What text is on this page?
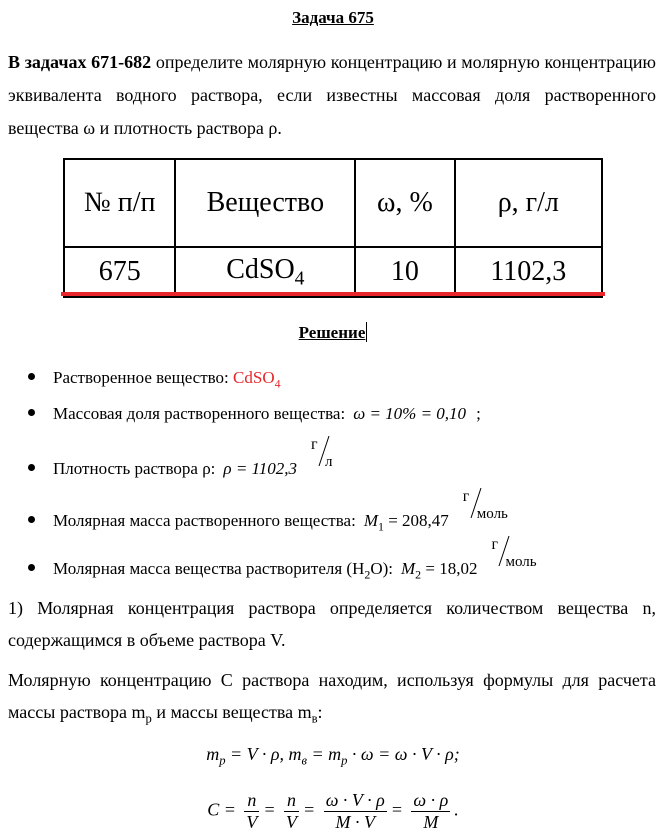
Задача 675
В задачах 671-682 определите молярную концентрацию и молярную концентрацию эквивалента водного раствора, если известны массовая доля растворенного вещества ω и плотность раствора ρ.
№ п/п	Вещество	ω, %	ρ, г/л
675	CdSO$_4$	10	1102,3
Решение
Растворенное вещество: CdSO$_4$
Массовая доля растворенного вещества: ω = 10% = 0,10 ;
Плотность раствора ρ: ρ = 1102,3
г
л
Молярная масса растворенного вещества: $M_1 = 208,47$
г
моль
Молярная масса вещества растворителя $(H_2O)$: $M_2 = 18,02$
г
моль
1) Молярная концентрация раствора определяется количеством вещества n, содержащимся в объеме раствора V.
Молярную концентрацию C раствора находим, используя формулы для расчета массы раствора $m_р$ и массы вещества $m_в$:
$m_р = V \cdot \rho$, $m_в = m_р \cdot \omega = \omega \cdot V \cdot \rho$;
$C = \frac{n}{V} = \frac{n}{V} = \frac{\omega \cdot V \cdot \rho}{M \cdot V} = \frac{\omega \cdot \rho}{M}$ .
